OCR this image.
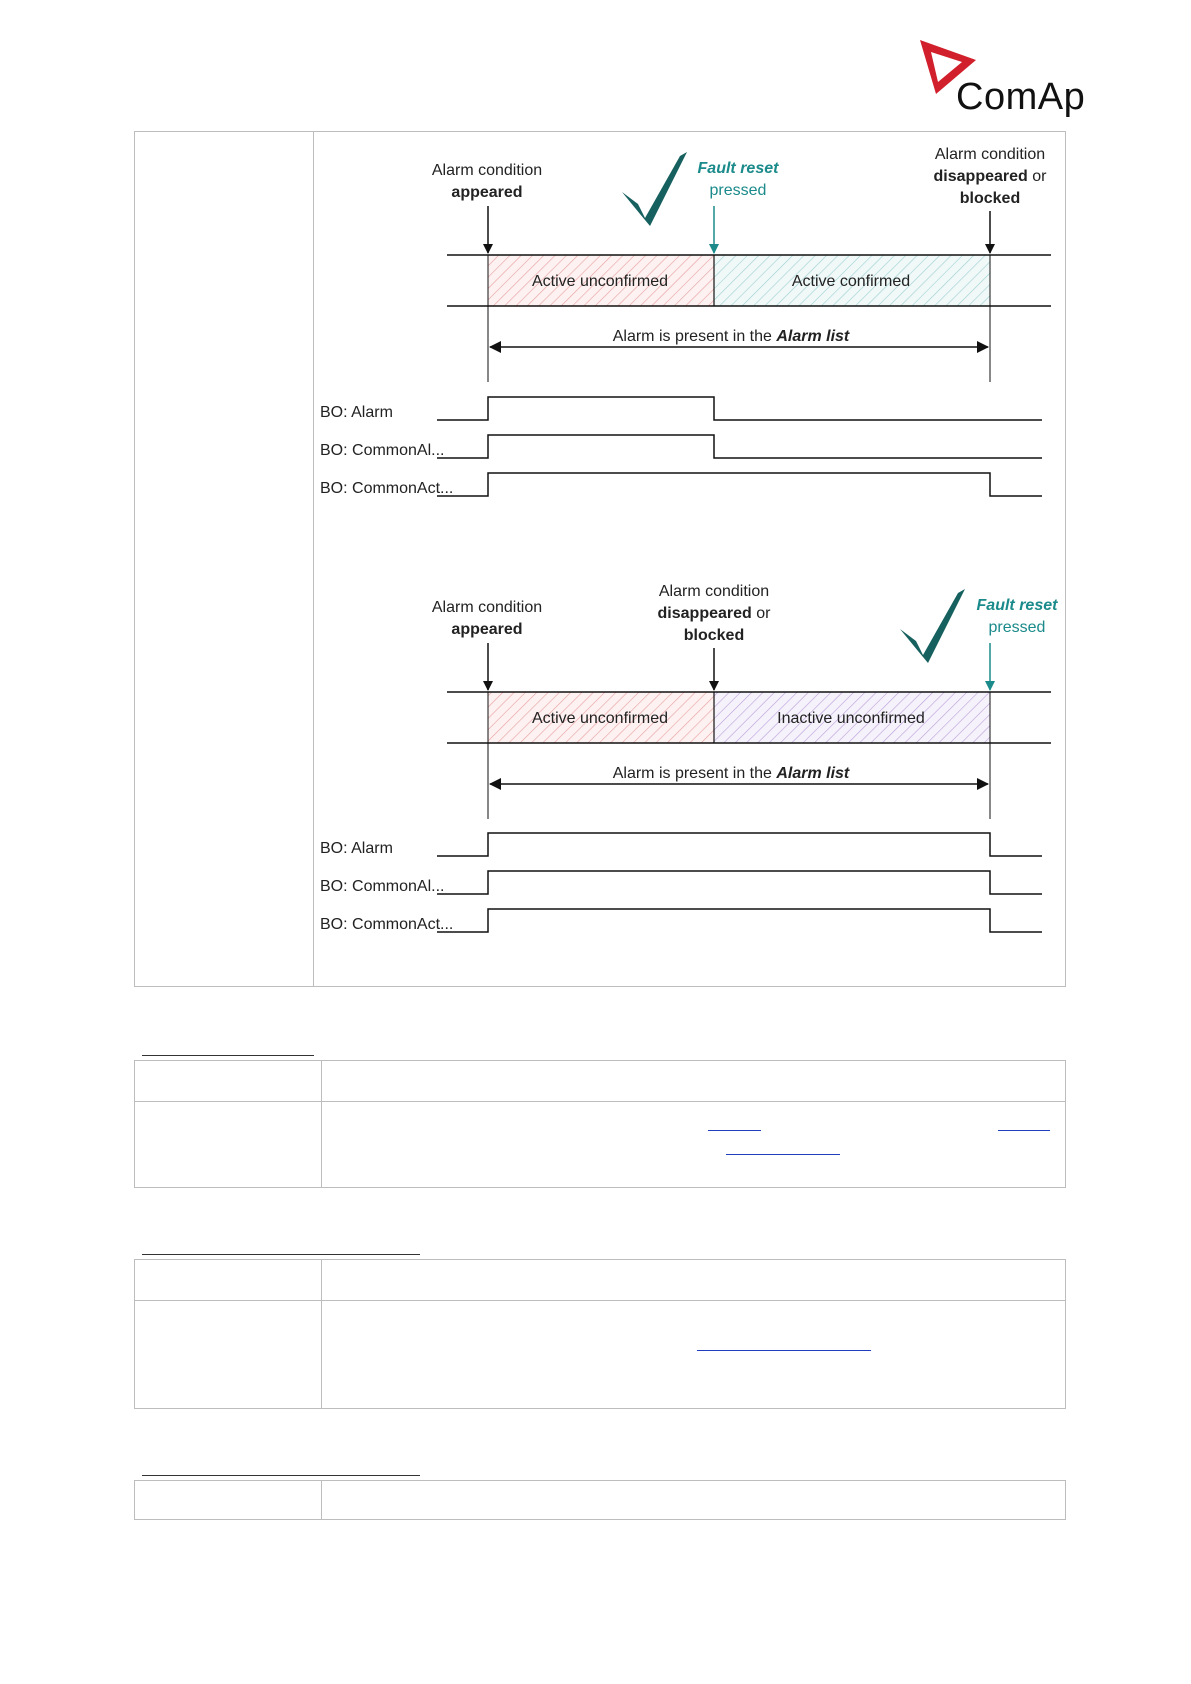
ComAp
Alarm condition
appeared
Fault reset
pressed
Alarm condition
disappeared or
blocked
Active unconfirmed	Active confirmed
Alarm is present in the Alarm list
BO: Alarm
BO: CommonAl...
BO: CommonAct...
Alarm condition
appeared
Alarm condition
disappeared or
blocked
Fault reset
pressed
Active unconfirmed	Inactive unconfirmed
Alarm is present in the Alarm list
BO: Alarm
BO: CommonAl...
BO: CommonAct...
